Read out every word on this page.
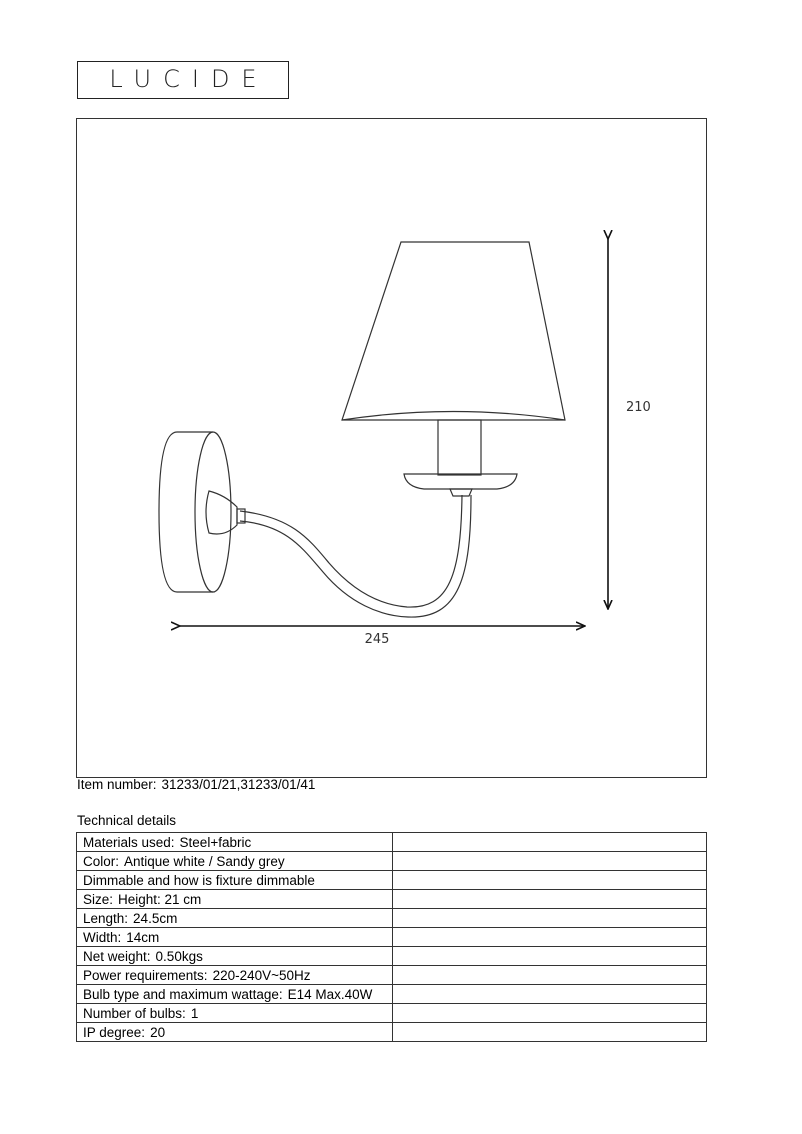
LUCIDE
245
210
Item number: 31233/01/21,31233/01/41
Technical details
Materials used: Steel+fabric	
Color: Antique white / Sandy grey	
Dimmable and how is fixture dimmable	
Size: Height: 21 cm	
Length: 24.5cm	
Width: 14cm	
Net weight: 0.50kgs	
Power requirements: 220-240V~50Hz	
Bulb type and maximum wattage: E14 Max.40W	
Number of bulbs: 1	
IP degree: 20	
